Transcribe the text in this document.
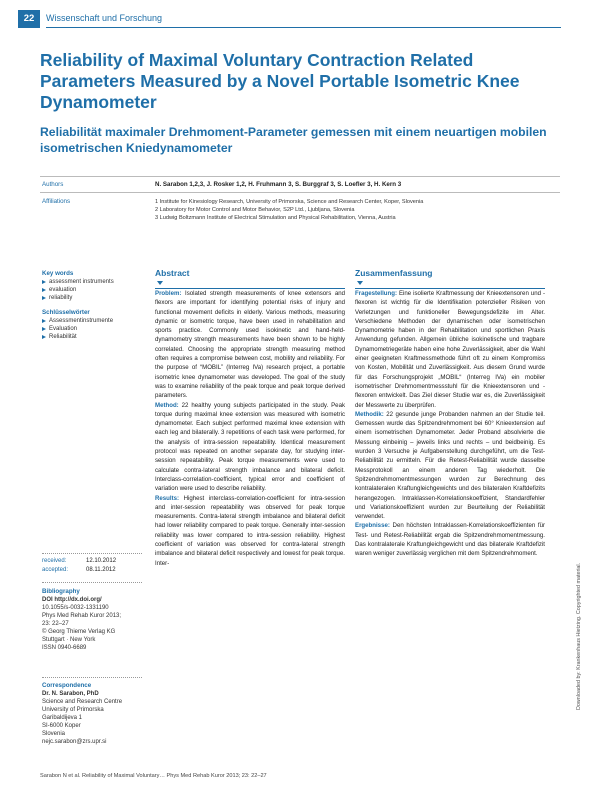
22	Wissenschaft und Forschung
Reliability of Maximal Voluntary Contraction Related Parameters Measured by a Novel Portable Isometric Knee Dynamometer
Reliabilität maximaler Drehmoment-Parameter gemessen mit einem neuartigen mobilen isometrischen Kniedynamometer
Authors	N. Sarabon 1,2,3, J. Rosker 1,2, H. Fruhmann 3, S. Burggraf 3, S. Loefler 3, H. Kern 3
Affiliations	1 Institute for Kinesiology Research, University of Primorska, Science and Research Center, Koper, Slovenia
2 Laboratory for Motor Control and Motor Behavior, S2P Ltd., Ljubljana, Slovenia
3 Ludwig Boltzmann Institute of Electrical Stimulation and Physical Rehabilitation, Vienna, Austria
Key words
assessment instruments
evaluation
reliability
Schlüsselwörter
Assessmentinstrumente
Evaluation
Reliabilität
received:	12.10.2012
accepted:	08.11.2012
Bibliography
DOI http://dx.doi.org/
10.1055/s-0032-1331190
Phys Med Rehab Kuror 2013;
23: 22–27
© Georg Thieme Verlag KG
Stuttgart · New York
ISSN 0940-6689
Correspondence
Dr. N. Sarabon, PhD
Science and Research Centre
University of Primorska
Garibaldijeva 1
SI-6000 Koper
Slovenia
nejc.sarabon@zrs.upr.si
Abstract

Problem: Isolated strength measurements of knee extensors and flexors are important for identifying potential risks of injury and functional movement deficits in elderly. Various methods, measuring dynamic or isometric torque, have been used in rehabilitation and sports practice. Commonly used isokinetic and hand-held-dynamometry strength measurements have been shown to be highly correlated. Choosing the appropriate strength measuring method often requires a compromise between cost, mobility and reliability. For the purpose of “MOBIL” (Interreg IVa) research project, a portable isometric knee dynamometer was developed. The goal of the study was to examine reliability of the peak torque and peak torque derived parameters.

Method: 22 healthy young subjects participated in the study. Peak torque during maximal knee extension was measured with isometric dynamometer. Each subject performed maximal knee extension with each leg and bilaterally. 3 repetitions of each task were performed, for the analysis of intra-session repeatability. Identical measurement protocol was repeated on another separate day, for studying inter-session repeatability. Peak torque measurements were used to calculate contra-lateral strength imbalance and bilateral deficit. Interclass-correlation-coefficient, typical error and coefficient of variation were used to describe reliability.

Results: Highest interclass-correlation-coefficient for intra-session and inter-session repeatability was observed for peak torque measurements. Contra-lateral strength imbalance and bilateral deficit had lower reliability compared to peak torque. Generally inter-session reliability was lower compared to intra-session reliability. Highest coefficient of variation was observed for contra-lateral strength imbalance and bilateral deficit respectively and lowest for peak torque. Inter-

Zusammenfassung

Fragestellung: Eine isolierte Kraftmessung der Knieextensoren und -flexoren ist wichtig für die Identifikation potenzieller Risiken von Verletzungen und funktioneller Bewegungsdefizite im Alter. Verschiedene Methoden der dynamischen oder isometrischen Dynamometrie haben in der Rehabilitation und sportlichen Praxis Anwendung gefunden. Allgemein übliche isokinetische und tragbare Dynamometriegeräte haben eine hohe Zuverlässigkeit, aber die Wahl einer geeigneten Kraftmessmethode führt oft zu einem Kompromiss von Kosten, Mobilität und Zuverlässigkeit. Aus diesem Grund wurde für das Forschungsprojekt „MOBIL“ (Interreg IVa) ein mobiler isometrischer Drehmomentmessstuhl für die Knieextensoren und -flexoren entwickelt. Das Ziel dieser Studie war es, die Zuverlässigkeit der Messwerte zu überprüfen.

Methodik: 22 gesunde junge Probanden nahmen an der Studie teil. Gemessen wurde das Spitzendrehmoment bei 60° Knieextension auf einem isometrischen Dynamometer. Jeder Proband absolvierte die Messung einbeinig – jeweils links und rechts – und beidbeinig. Es wurden 3 Versuche je Aufgabenstellung durchgeführt, um die Test-Reliabilität zu ermitteln. Für die Retest-Reliabilität wurde dasselbe Messprotokoll an einem anderen Tag wiederholt. Die Spitzendrehmomentmessungen wurden zur Berechnung des kontralateralen Kraftungleichgewichts und des bilateralen Kraftdefizits herangezogen. Intraklassen-Korrelationskoeffizient, Standardfehler und Variationskoeffizient wurden zur Beurteilung der Reliabilität verwendet.

Ergebnisse: Den höchsten Intraklassen-Korrelationskoeffizienten für Test- und Retest-Reliabilität ergab die Spitzendrehmomentmessung. Das kontralaterale Kraftungleichgewicht und das bilaterale Kraftdefizit waren weniger zuverlässig verglichen mit dem Spitzendrehmoment.

Sarabon N et al. Reliability of Maximal Voluntary… Phys Med Rehab Kuror 2013; 23: 22–27
Downloaded by: Krankenhaus Hietzing. Copyrighted material.
